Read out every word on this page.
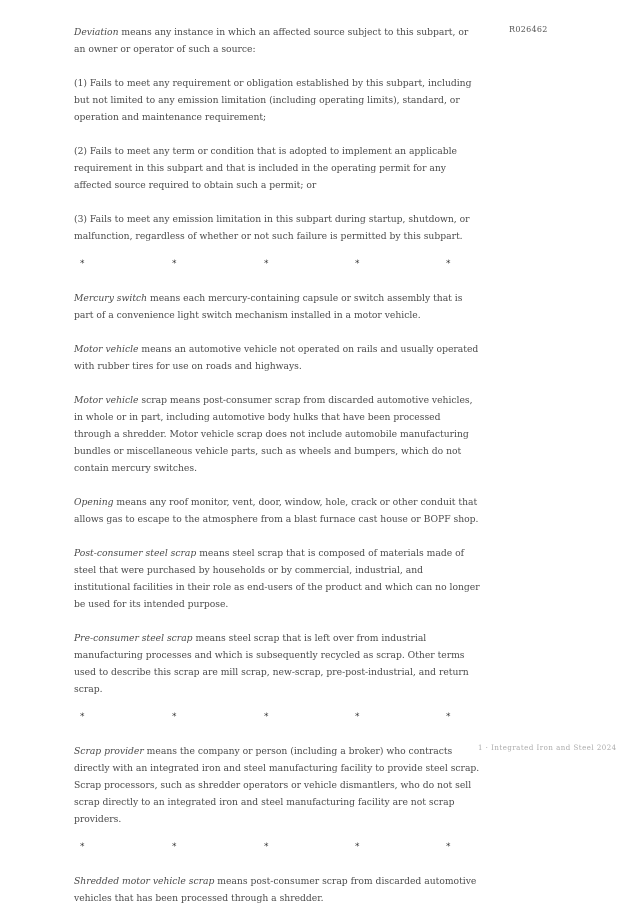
R026462

Deviation means any instance in which an affected source subject to this subpart, or an owner or operator of such a source:

(1) Fails to meet any requirement or obligation established by this subpart, including but not limited to any emission limitation (including operating limits), standard, or operation and maintenance requirement;

(2) Fails to meet any term or condition that is adopted to implement an applicable requirement in this subpart and that is included in the operating permit for any affected source required to obtain such a permit; or

(3) Fails to meet any emission limitation in this subpart during startup, shutdown, or malfunction, regardless of whether or not such failure is permitted by this subpart.

*	*	*	*	*

Mercury switch means each mercury-containing capsule or switch assembly that is part of a convenience light switch mechanism installed in a motor vehicle.

Motor vehicle means an automotive vehicle not operated on rails and usually operated with rubber tires for use on roads and highways.

Motor vehicle scrap means post-consumer scrap from discarded automotive vehicles, in whole or in part, including automotive body hulks that have been processed through a shredder. Motor vehicle scrap does not include automobile manufacturing bundles or miscellaneous vehicle parts, such as wheels and bumpers, which do not contain mercury switches.

Opening means any roof monitor, vent, door, window, hole, crack or other conduit that allows gas to escape to the atmosphere from a blast furnace cast house or BOPF shop.

Post-consumer steel scrap means steel scrap that is composed of materials made of steel that were purchased by households or by commercial, industrial, and institutional facilities in their role as end-users of the product and which can no longer be used for its intended purpose.

Pre-consumer steel scrap means steel scrap that is left over from industrial manufacturing processes and which is subsequently recycled as scrap. Other terms used to describe this scrap are mill scrap, new-scrap, pre-post-industrial, and return scrap.

*	*	*	*	*

Scrap provider means the company or person (including a broker) who contracts directly with an integrated iron and steel manufacturing facility to provide steel scrap. Scrap processors, such as shredder operators or vehicle dismantlers, who do not sell scrap directly to an integrated iron and steel manufacturing facility are not scrap providers.

*	*	*	*	*

Shredded motor vehicle scrap means post-consumer scrap from discarded automotive vehicles that has been processed through a shredder.

1 · Integrated Iron and Steel 2024
